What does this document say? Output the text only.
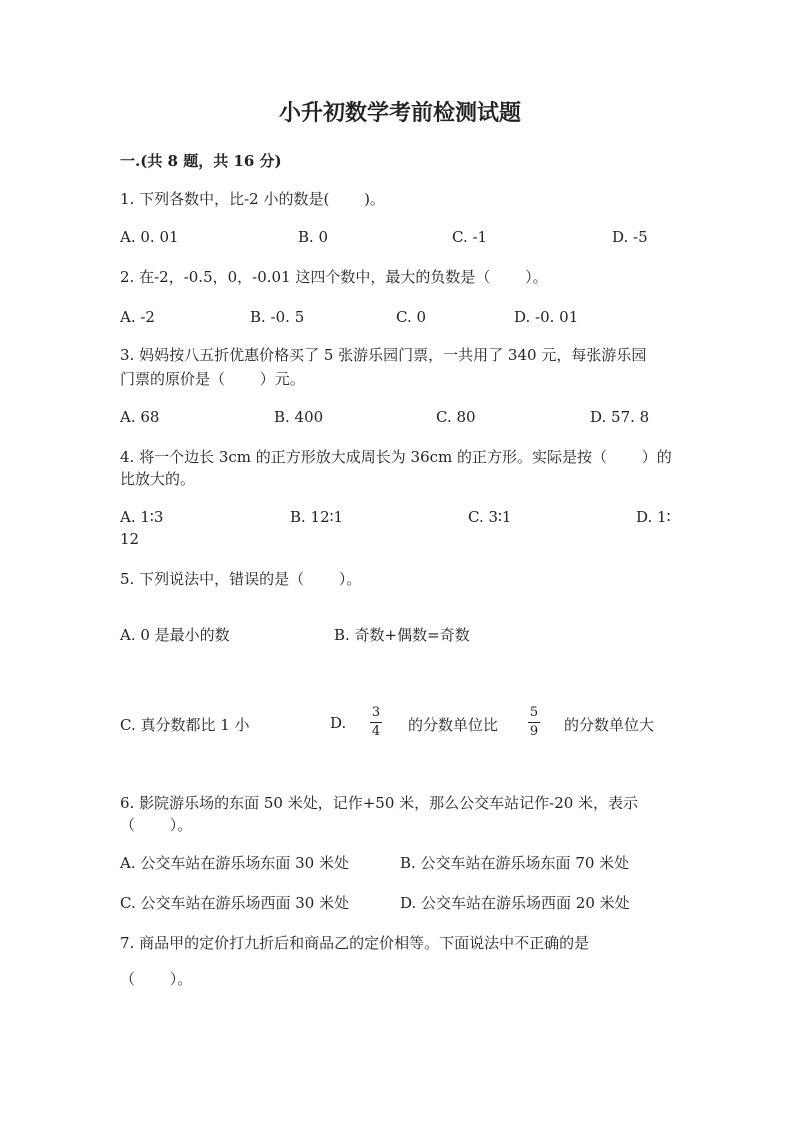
小升初数学考前检测试题
一.(共 8 题，共 16 分)
1. 下列各数中，比-2 小的数是(　 　)。
A. 0. 01	B. 0	C. -1	D. -5
2. 在-2，-0.5，0，-0.01 这四个数中，最大的负数是（　 　）。
A. -2	B. -0. 5	C. 0	D. -0. 01
3. 妈妈按八五折优惠价格买了 5 张游乐园门票，一共用了 340 元，每张游乐园
门票的原价是（　 　）元。
A. 68	B. 400	C. 80	D. 57. 8
4. 将一个边长 3cm 的正方形放大成周长为 36cm 的正方形。实际是按（　 　）的
比放大的。
A. 1∶3	B. 12∶1	C. 3∶1	D. 1∶
12
5. 下列说法中，错误的是（　 　）。
A. 0 是最小的数	B. 奇数+偶数=奇数
C. 真分数都比 1 小	D.
3
4 的分数单位比
5
9 的分数单位大
6. 影院游乐场的东面 50 米处，记作+50 米，那么公交车站记作-20 米，表示
（　 　）。
A. 公交车站在游乐场东面 30 米处	B. 公交车站在游乐场东面 70 米处
C. 公交车站在游乐场西面 30 米处	D. 公交车站在游乐场西面 20 米处
7. 商品甲的定价打九折后和商品乙的定价相等。下面说法中不正确的是
（　 　）。
